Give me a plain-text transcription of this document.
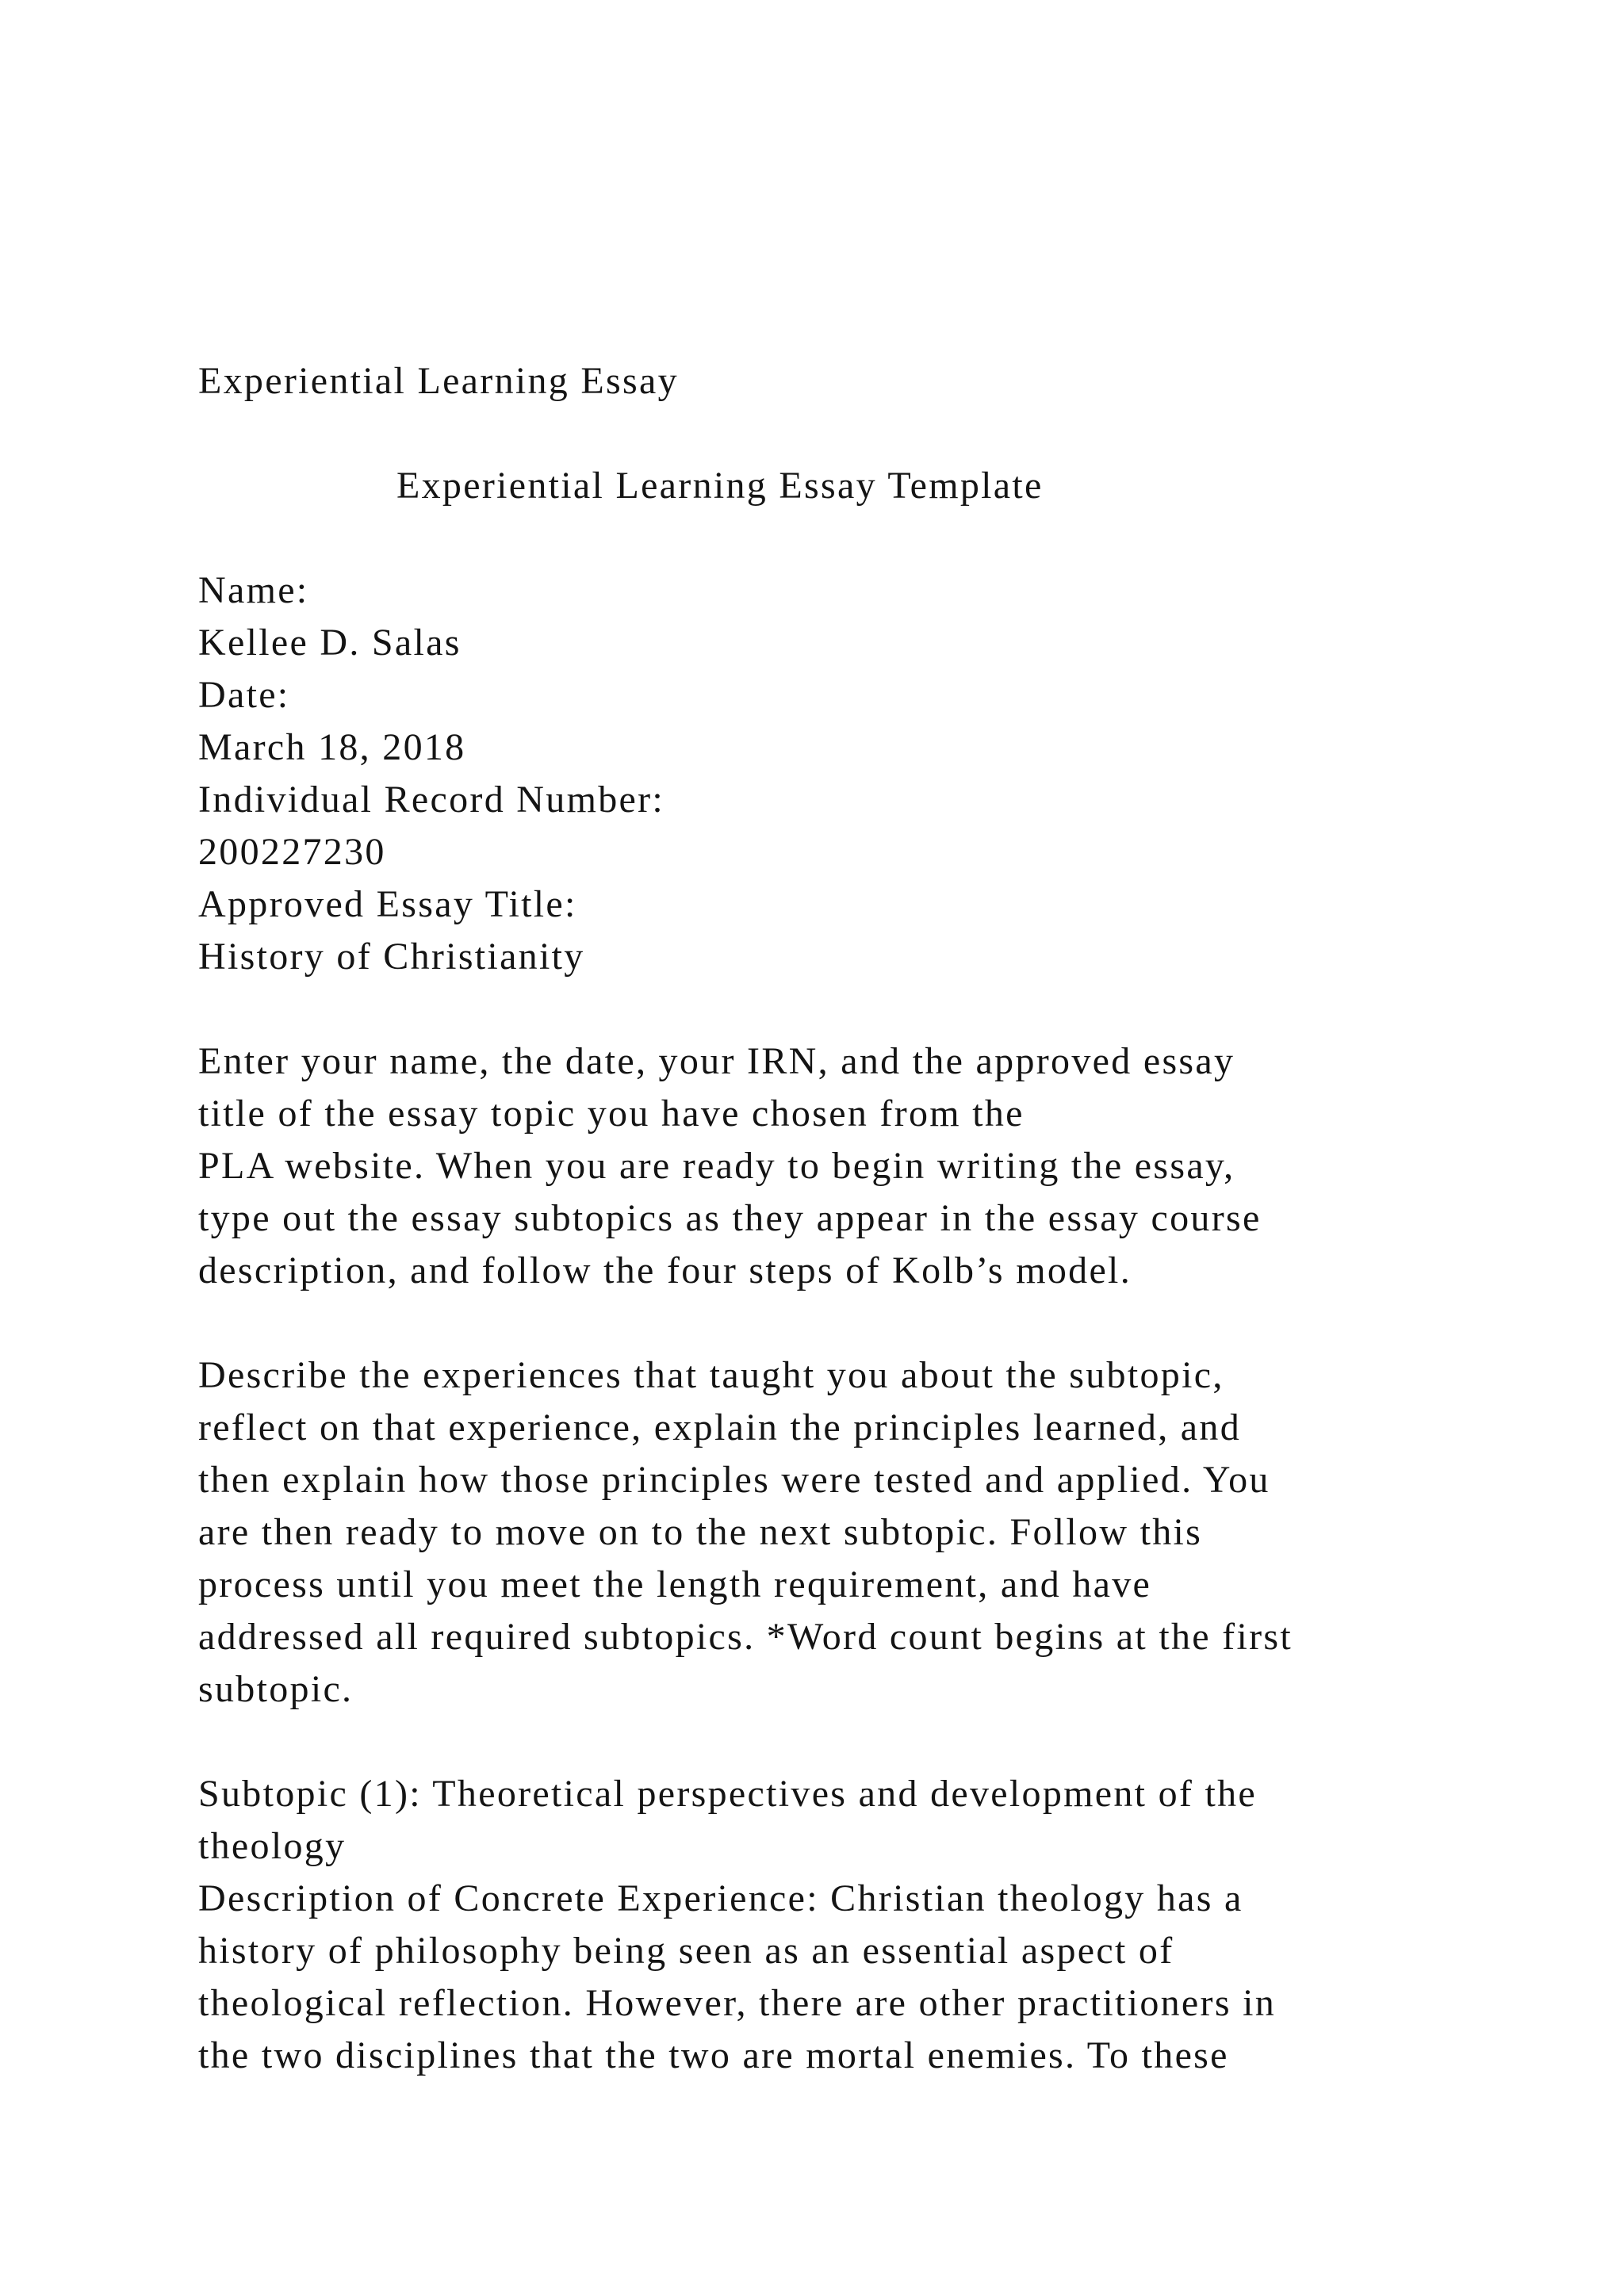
Experiential Learning Essay

Experiential Learning Essay Template

Name:

Kellee D. Salas

Date:

March 18, 2018

Individual Record Number:

200227230

Approved Essay Title:

History of Christianity

Enter your name, the date, your IRN, and the approved essay

title of the essay topic you have chosen from the

PLA website. When you are ready to begin writing the essay,

type out the essay subtopics as they appear in the essay course

description, and follow the four steps of Kolb’s model.

Describe the experiences that taught you about the subtopic,

reflect on that experience, explain the principles learned, and

then explain how those principles were tested and applied. You

are then ready to move on to the next subtopic. Follow this

process until you meet the length requirement, and have

addressed all required subtopics. *Word count begins at the first

subtopic.

Subtopic (1): Theoretical perspectives and development of the

theology

Description of Concrete Experience: Christian theology has a

history of philosophy being seen as an essential aspect of

theological reflection. However, there are other practitioners in

the two disciplines that the two are mortal enemies. To these
